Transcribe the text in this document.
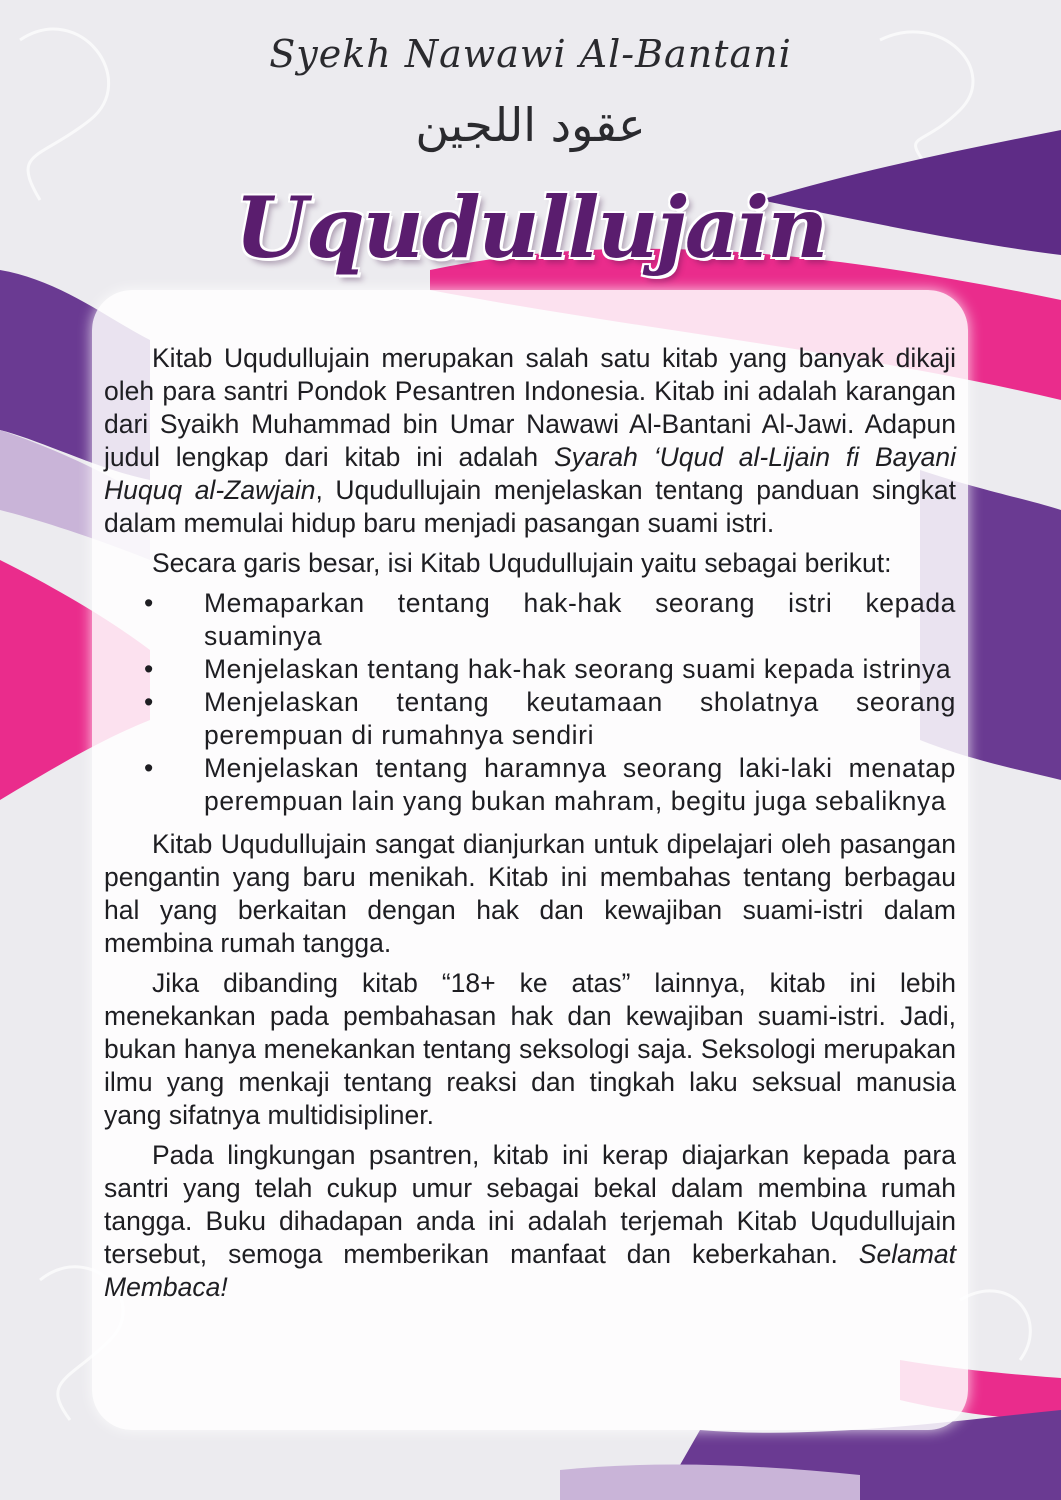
Syekh Nawawi Al-Bantani
عقود اللجين
Uqudullujain

Kitab Uqudullujain merupakan salah satu kitab yang banyak dikaji oleh para santri Pondok Pesantren Indonesia. Kitab ini adalah karangan dari Syaikh Muhammad bin Umar Nawawi Al-Bantani Al-Jawi. Adapun judul lengkap dari kitab ini adalah Syarah ‘Uqud al-Lijain fi Bayani Huquq al-Zawjain, Uqudullujain menjelaskan tentang panduan singkat dalam memulai hidup baru menjadi pasangan suami istri.

Secara garis besar, isi Kitab Uqudullujain yaitu sebagai berikut:

• Memaparkan tentang hak-hak seorang istri kepada suaminya
• Menjelaskan tentang hak-hak seorang suami kepada istrinya
• Menjelaskan tentang keutamaan sholatnya seorang perempuan di rumahnya sendiri
• Menjelaskan tentang haramnya seorang laki-laki menatap perempuan lain yang bukan mahram, begitu juga sebaliknya

Kitab Uqudullujain sangat dianjurkan untuk dipelajari oleh pasangan pengantin yang baru menikah. Kitab ini membahas tentang berbagau hal yang berkaitan dengan hak dan kewajiban suami-istri dalam membina rumah tangga.

Jika dibanding kitab “18+ ke atas” lainnya, kitab ini lebih menekankan pada pembahasan hak dan kewajiban suami-istri. Jadi, bukan hanya menekankan tentang seksologi saja. Seksologi merupakan ilmu yang menkaji tentang reaksi dan tingkah laku seksual manusia yang sifatnya multidisipliner.

Pada lingkungan psantren, kitab ini kerap diajarkan kepada para santri yang telah cukup umur sebagai bekal dalam membina rumah tangga. Buku dihadapan anda ini adalah terjemah Kitab Uqudullujain tersebut, semoga memberikan manfaat dan keberkahan. Selamat Membaca!
